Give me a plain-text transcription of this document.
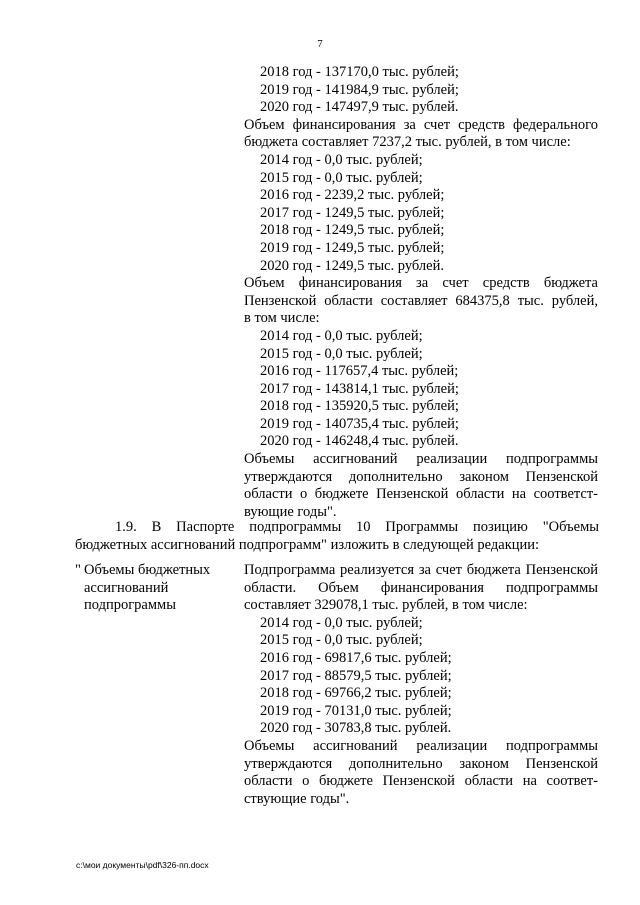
7
2018 год - 137170,0 тыс. рублей;
2019 год - 141984,9 тыс. рублей;
2020 год - 147497,9 тыс. рублей.
Объем финансирования за счет средств федерального
бюджета составляет 7237,2 тыс. рублей, в том числе:
2014 год - 0,0 тыс. рублей;
2015 год - 0,0 тыс. рублей;
2016 год - 2239,2 тыс. рублей;
2017 год - 1249,5 тыс. рублей;
2018 год - 1249,5 тыс. рублей;
2019 год - 1249,5 тыс. рублей;
2020 год - 1249,5 тыс. рублей.
Объем финансирования за счет средств бюджета
Пензенской области составляет 684375,8 тыс. рублей,
в том числе:
2014 год - 0,0 тыс. рублей;
2015 год - 0,0 тыс. рублей;
2016 год - 117657,4 тыс. рублей;
2017 год - 143814,1 тыс. рублей;
2018 год - 135920,5 тыс. рублей;
2019 год - 140735,4 тыс. рублей;
2020 год - 146248,4 тыс. рублей.
Объемы ассигнований реализации подпрограммы
утверждаются дополнительно законом Пензенской
области о бюджете Пензенской области на соответст-
вующие годы".
1.9. В Паспорте подпрограммы 10 Программы позицию "Объемы
бюджетных ассигнований подпрограмм" изложить в следующей редакции:
" Объемы бюджетных
ассигнований
подпрограммы
Подпрограмма реализуется за счет бюджета Пензенской
области. Объем финансирования подпрограммы
составляет 329078,1 тыс. рублей, в том числе:
2014 год - 0,0 тыс. рублей;
2015 год - 0,0 тыс. рублей;
2016 год - 69817,6 тыс. рублей;
2017 год - 88579,5 тыс. рублей;
2018 год - 69766,2 тыс. рублей;
2019 год - 70131,0 тыс. рублей;
2020 год - 30783,8 тыс. рублей.
Объемы ассигнований реализации подпрограммы
утверждаются дополнительно законом Пензенской
области о бюджете Пензенской области на соответ-
ствующие годы".
c:\мои документы\pdf\326-пп.docx
